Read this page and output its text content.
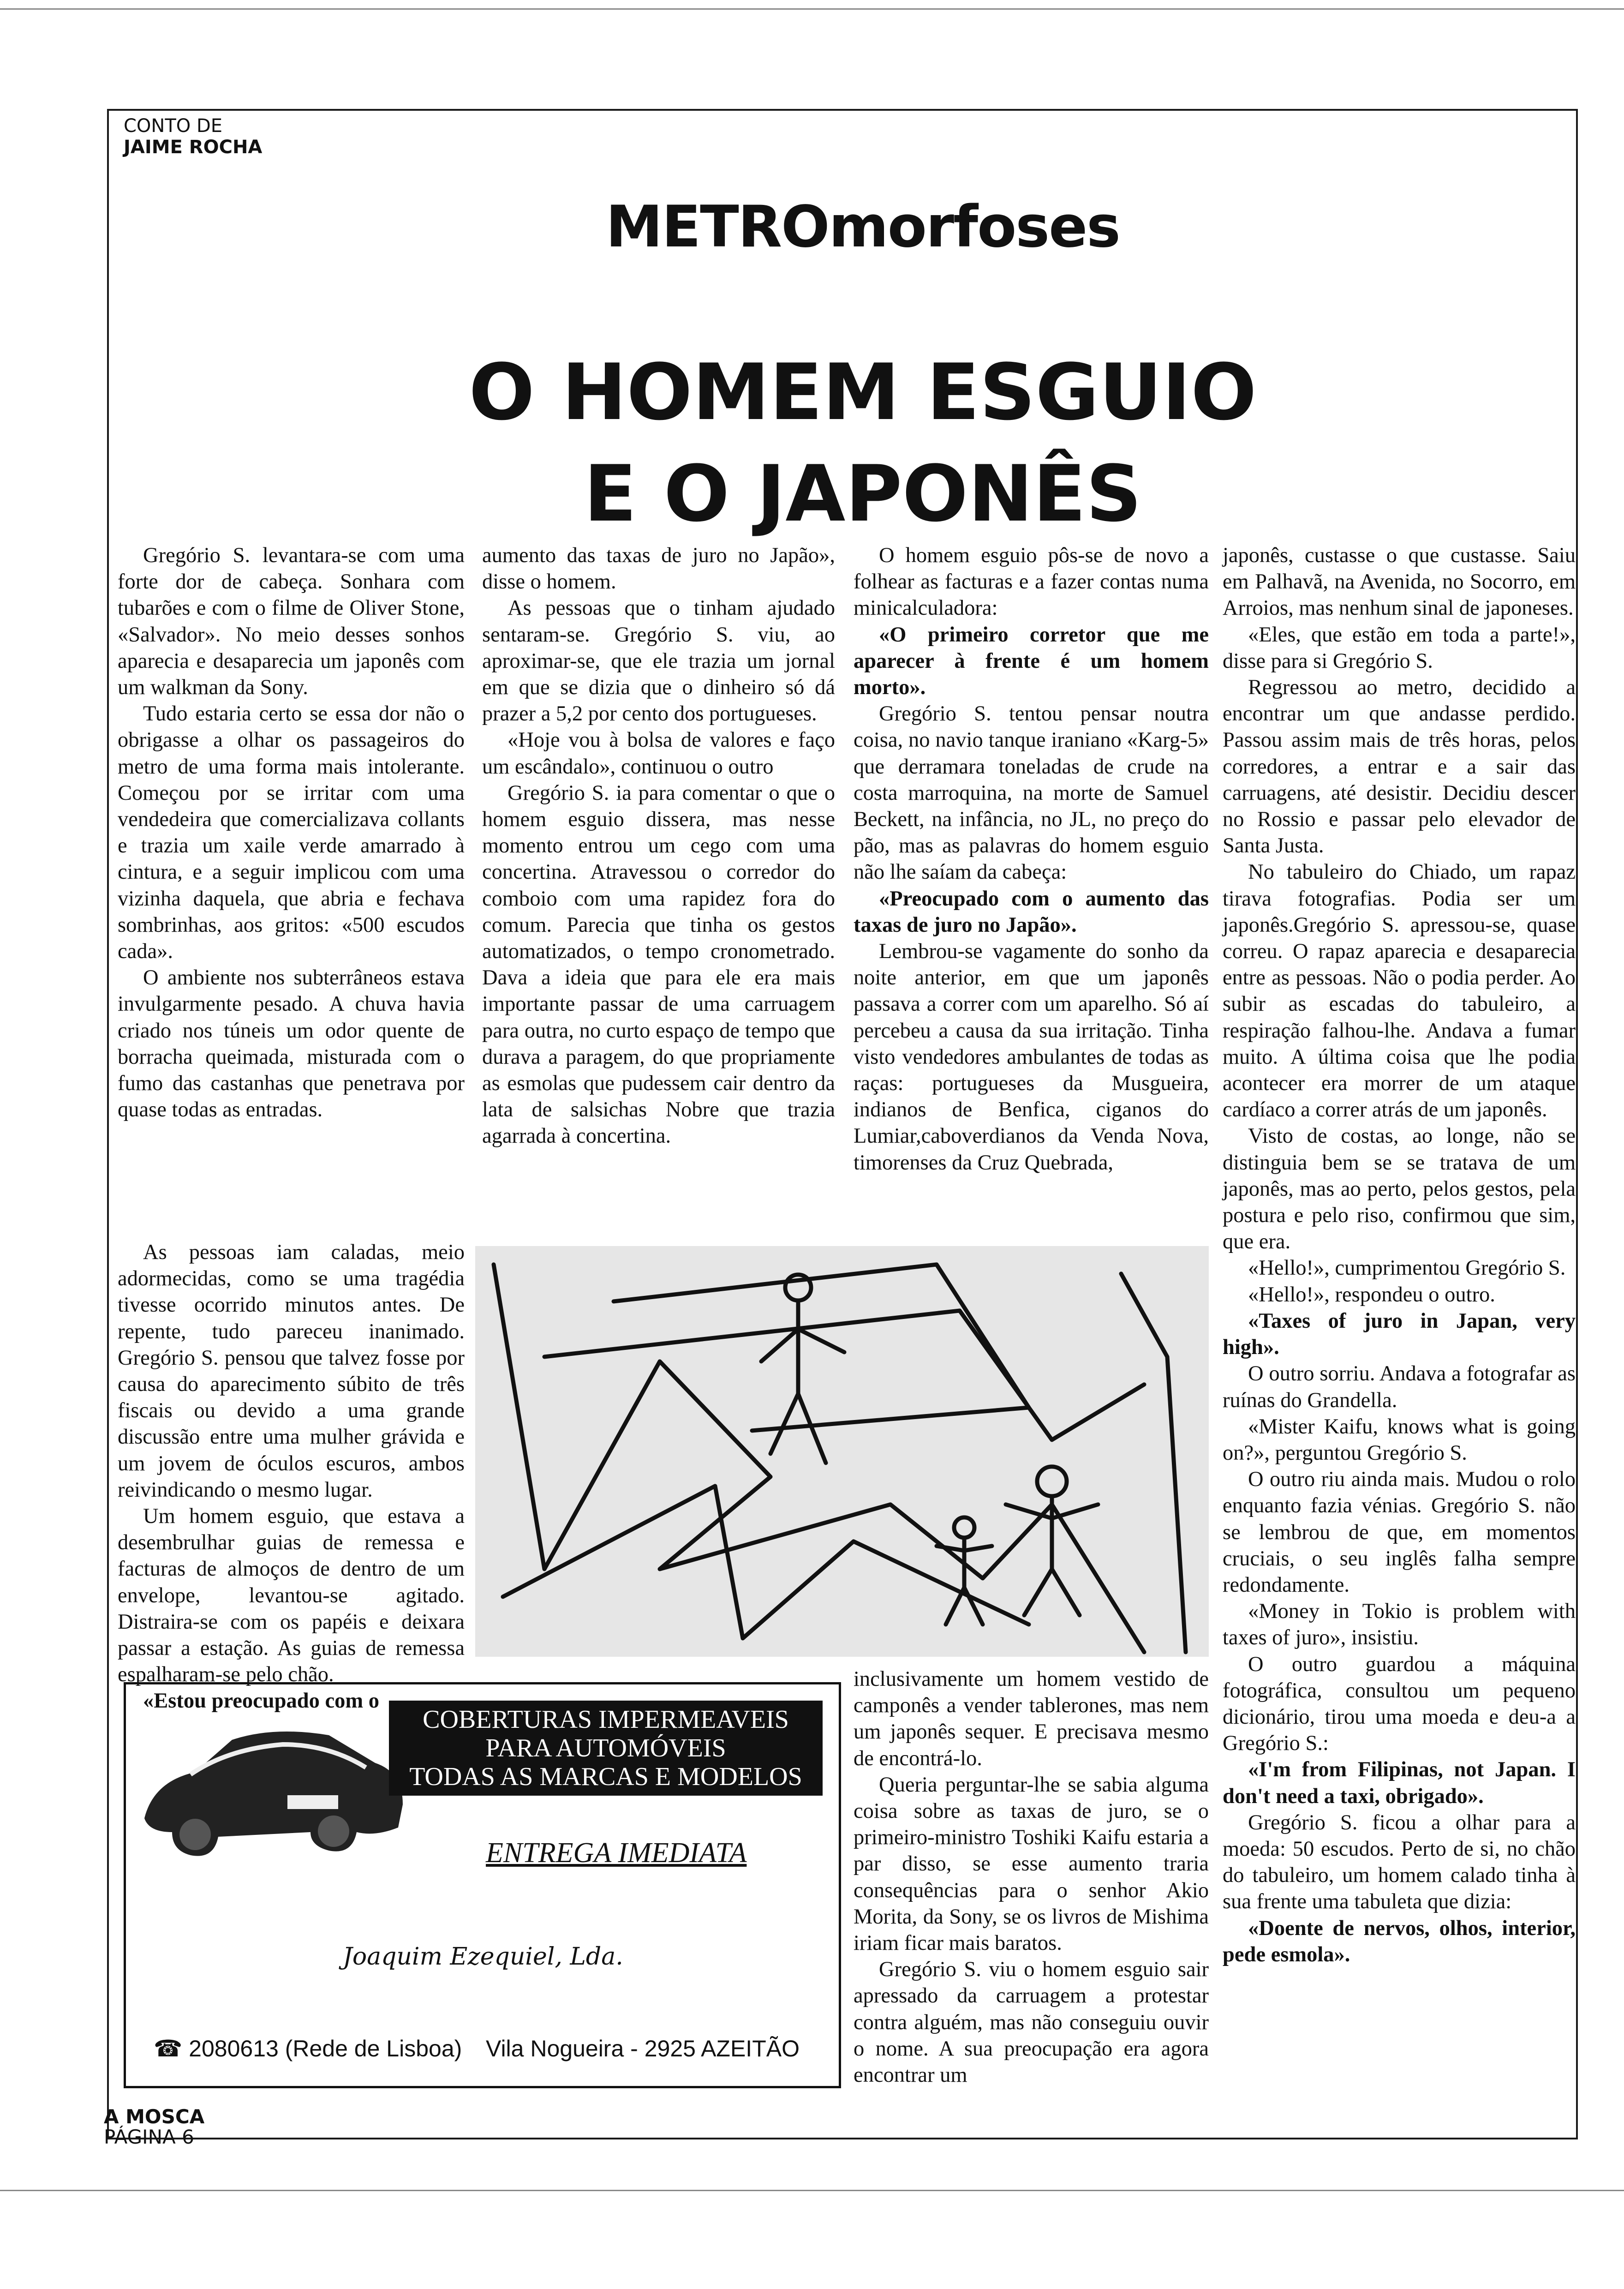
CONTO DE
JAIME ROCHA
METROmorfoses
O HOMEM ESGUIO
E O JAPONÊS

Gregório S. levantara-se com uma forte dor de cabeça. Sonhara com tubarões e com o filme de Oliver Stone, «Salvador». No meio desses sonhos aparecia e desaparecia um japonês com um walkman da Sony.

Tudo estaria certo se essa dor não o obrigasse a olhar os passageiros do metro de uma forma mais intolerante. Começou por se irritar com uma vendedeira que comercializava collants e trazia um xaile verde amarrado à cintura, e a seguir implicou com uma vizinha daquela, que abria e fechava sombrinhas, aos gritos: «500 escudos cada».

O ambiente nos subterrâneos estava invulgarmente pesado. A chuva havia criado nos túneis um odor quente de borracha queimada, misturada com o fumo das castanhas que penetrava por quase todas as entradas.

As pessoas iam caladas, meio adormecidas, como se uma tragédia tivesse ocorrido minutos antes. De repente, tudo pareceu inanimado. Gregório S. pensou que talvez fosse por causa do aparecimento súbito de três fiscais ou devido a uma grande discussão entre uma mulher grávida e um jovem de óculos escuros, ambos reivindicando o mesmo lugar.

Um homem esguio, que estava a desembrulhar guias de remessa e facturas de almoços de dentro de um envelope, levantou-se agitado. Distraira-se com os papéis e deixara passar a estação. As guias de remessa espalharam-se pelo chão.

«Estou preocupado com o

aumento das taxas de juro no Japão», disse o homem.

As pessoas que o tinham ajudado sentaram-se. Gregório S. viu, ao aproximar-se, que ele trazia um jornal em que se dizia que o dinheiro só dá prazer a 5,2 por cento dos portugueses.

«Hoje vou à bolsa de valores e faço um escândalo», continuou o outro

Gregório S. ia para comentar o que o homem esguio dissera, mas nesse momento entrou um cego com uma concertina. Atravessou o corredor do comboio com uma rapidez fora do comum. Parecia que tinha os gestos automatizados, o tempo cronometrado. Dava a ideia que para ele era mais importante passar de uma carruagem para outra, no curto espaço de tempo que durava a paragem, do que propriamente as esmolas que pudessem cair dentro da lata de salsichas Nobre que trazia agarrada à concertina.

O homem esguio pôs-se de novo a folhear as facturas e a fazer contas numa minicalculadora:

«O primeiro corretor que me aparecer à frente é um homem morto».

Gregório S. tentou pensar noutra coisa, no navio tanque iraniano «Karg-5» que derramara toneladas de crude na costa marroquina, na morte de Samuel Beckett, na infância, no JL, no preço do pão, mas as palavras do homem esguio não lhe saíam da cabeça:

«Preocupado com o aumento das taxas de juro no Japão».

Lembrou-se vagamente do sonho da noite anterior, em que um japonês passava a correr com um aparelho. Só aí percebeu a causa da sua irritação. Tinha visto vendedores ambulantes de todas as raças: portugueses da Musgueira, indianos de Benfica, ciganos do Lumiar,caboverdianos da Venda Nova, timorenses da Cruz Quebrada,

inclusivamente um homem vestido de camponês a vender tablerones, mas nem um japonês sequer. E precisava mesmo de encontrá-lo.

Queria perguntar-lhe se sabia alguma coisa sobre as taxas de juro, se o primeiro-ministro Toshiki Kaifu estaria a par disso, se esse aumento traria consequências para o senhor Akio Morita, da Sony, se os livros de Mishima iriam ficar mais baratos.

Gregório S. viu o homem esguio sair apressado da carruagem a protestar contra alguém, mas não conseguiu ouvir o nome. A sua preocupação era agora encontrar um

japonês, custasse o que custasse. Saiu em Palhavã, na Avenida, no Socorro, em Arroios, mas nenhum sinal de japoneses.

«Eles, que estão em toda a parte!», disse para si Gregório S.

Regressou ao metro, decidido a encontrar um que andasse perdido. Passou assim mais de três horas, pelos corredores, a entrar e a sair das carruagens, até desistir. Decidiu descer no Rossio e passar pelo elevador de Santa Justa.

No tabuleiro do Chiado, um rapaz tirava fotografias. Podia ser um japonês.Gregório S. apressou-se, quase correu. O rapaz aparecia e desaparecia entre as pessoas. Não o podia perder. Ao subir as escadas do tabuleiro, a respiração falhou-lhe. Andava a fumar muito. A última coisa que lhe podia acontecer era morrer de um ataque cardíaco a correr atrás de um japonês.

Visto de costas, ao longe, não se distinguia bem se se tratava de um japonês, mas ao perto, pelos gestos, pela postura e pelo riso, confirmou que sim, que era.

«Hello!», cumprimentou Gregório S.

«Hello!», respondeu o outro.

«Taxes of juro in Japan, very high».

O outro sorriu. Andava a fotografar as ruínas do Grandella.

«Mister Kaifu, knows what is going on?», perguntou Gregório S.

O outro riu ainda mais. Mudou o rolo enquanto fazia vénias. Gregório S. não se lembrou de que, em momentos cruciais, o seu inglês falha sempre redondamente.

«Money in Tokio is problem with taxes of juro», insistiu.

O outro guardou a máquina fotográfica, consultou um pequeno dicionário, tirou uma moeda e deu-a a Gregório S.:

«I'm from Filipinas, not Japan. I don't need a taxi, obrigado».

Gregório S. ficou a olhar para a moeda: 50 escudos. Perto de si, no chão do tabuleiro, um homem calado tinha à sua frente uma tabuleta que dizia:

«Doente de nervos, olhos, interior, pede esmola».

COBERTURAS IMPERMEAVEIS
PARA AUTOMÓVEIS
TODAS AS MARCAS E MODELOS
ENTREGA IMEDIATA
Joaquim Ezequiel, Lda.
☎ 2080613 (Rede de Lisboa) Vila Nogueira - 2925 AZEITÃO
A MOSCA
PÁGINA 6
